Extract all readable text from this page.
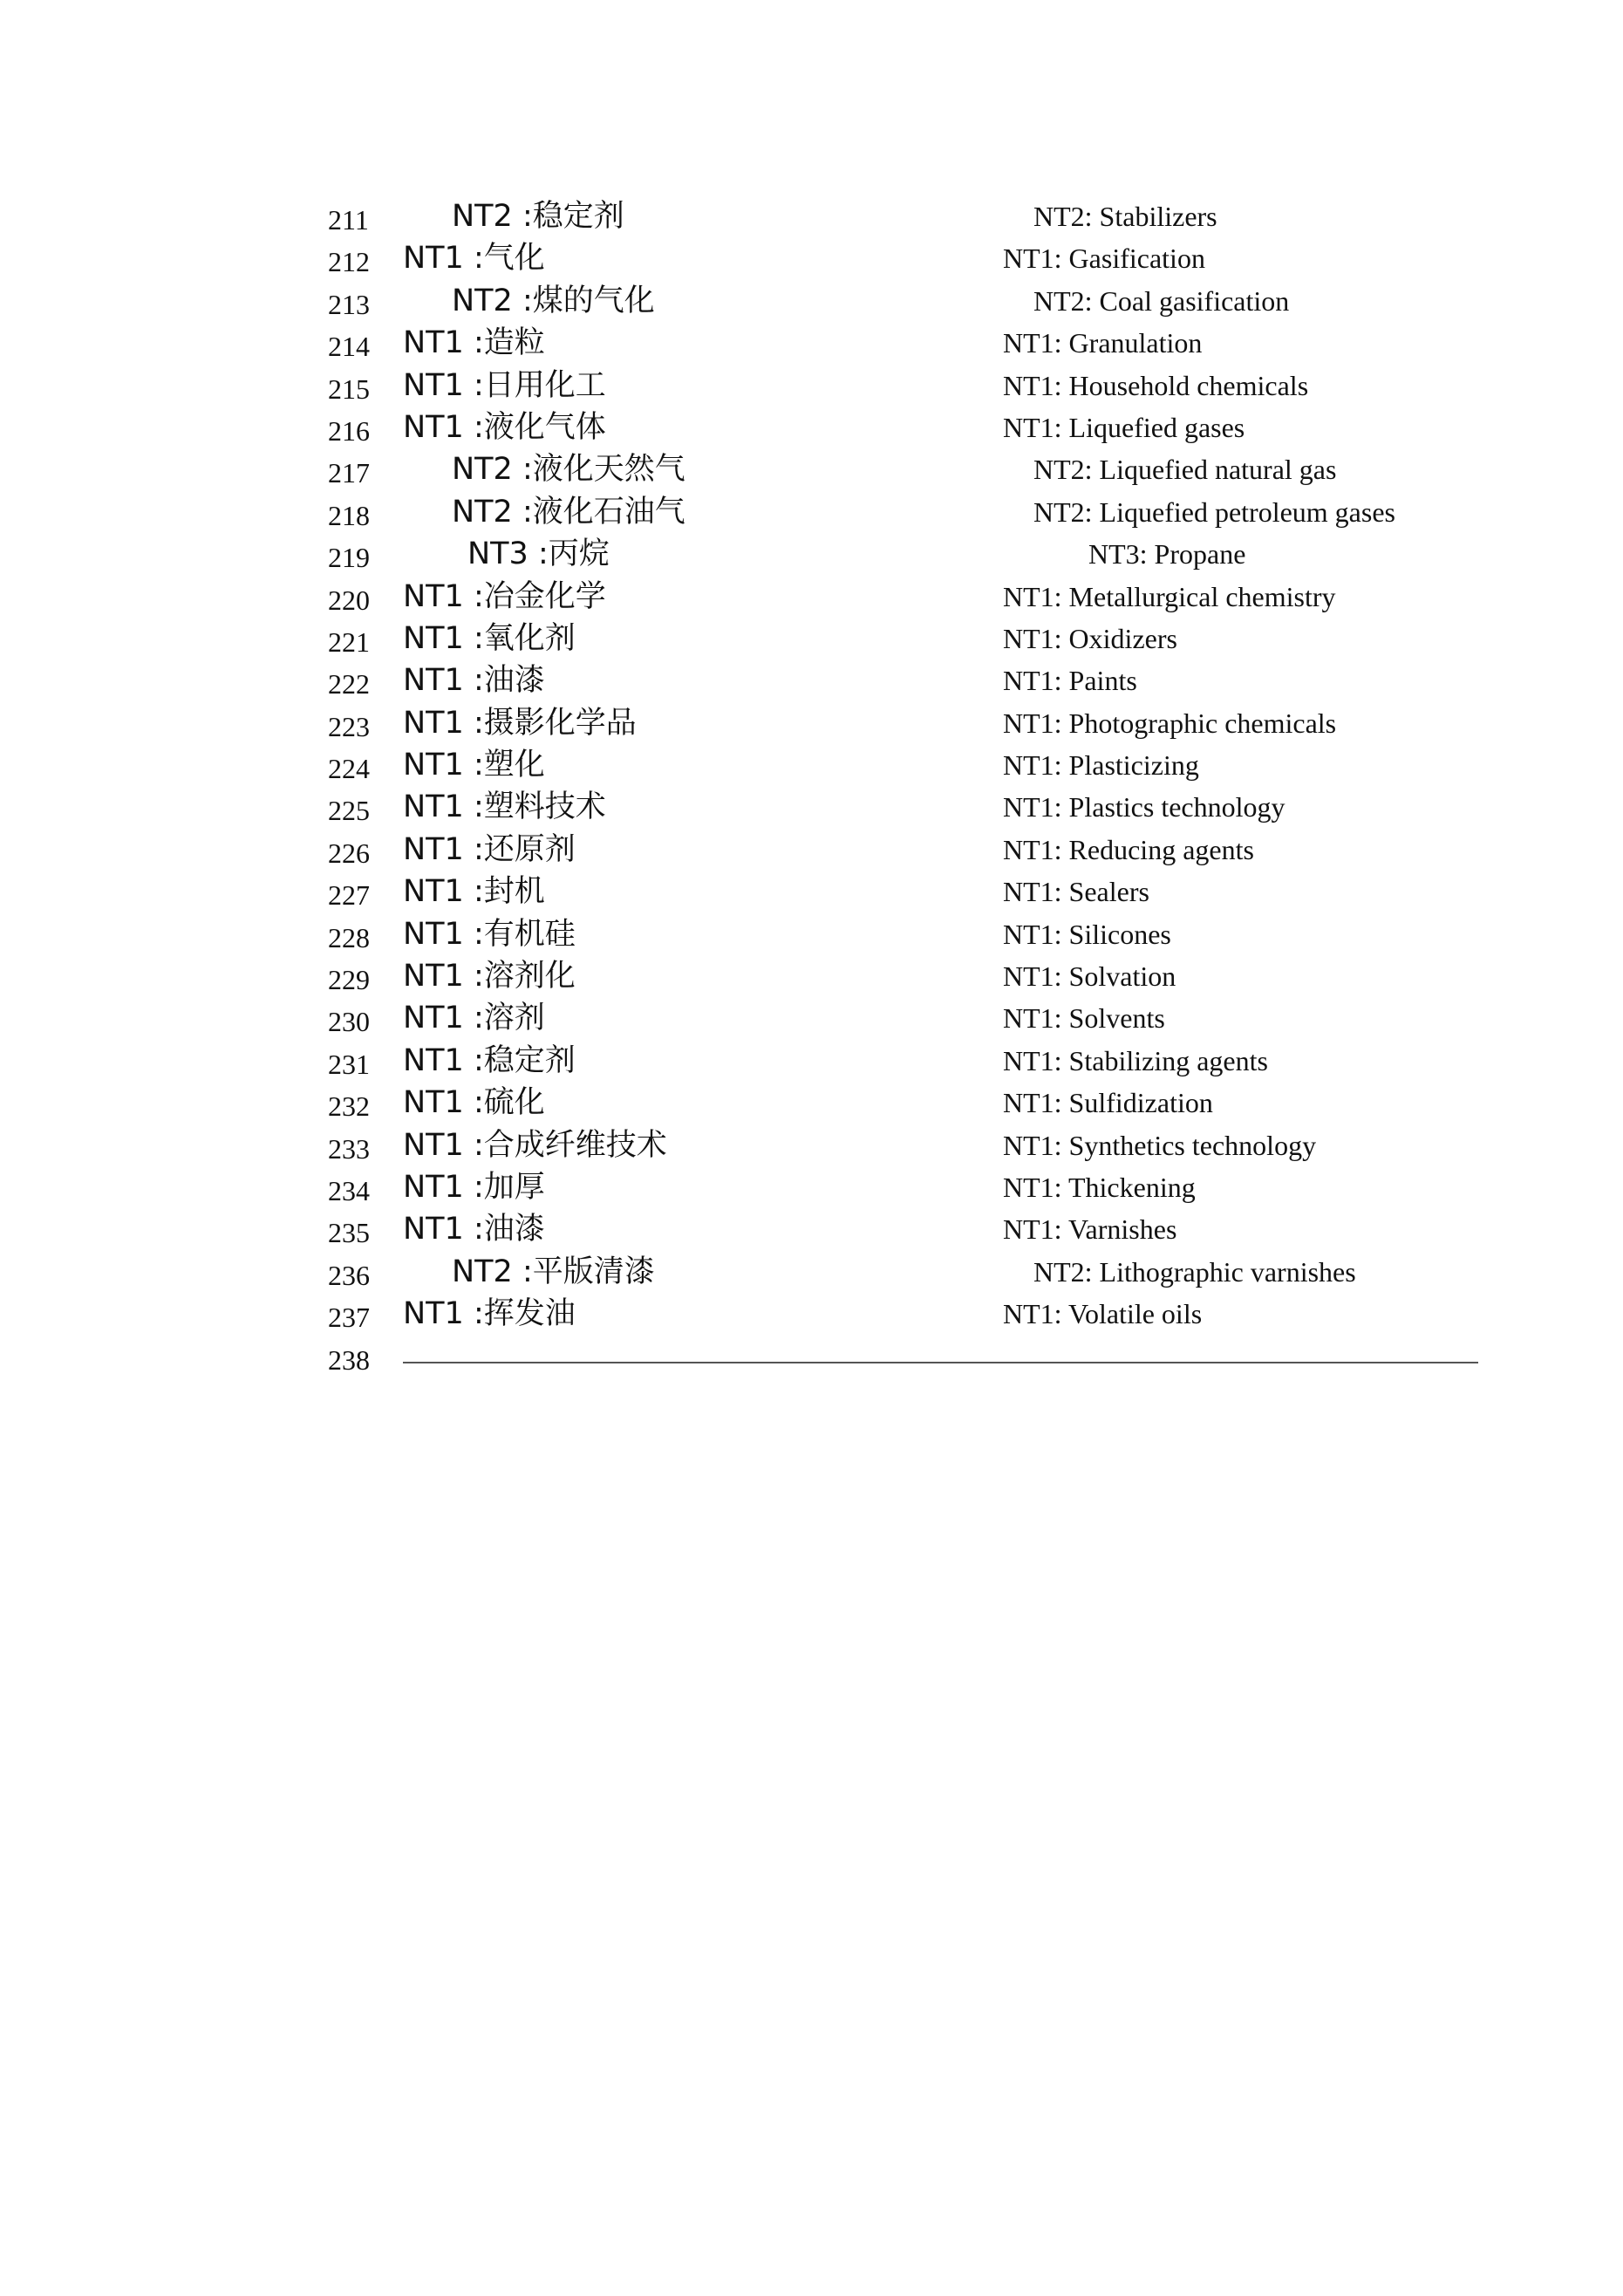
211	NT2 :稳定剂	NT2: Stabilizers
212 NT1 :气化	NT1: Gasification
213	NT2 :煤的气化	NT2: Coal gasification
214 NT1 :造粒	NT1: Granulation
215 NT1 :日用化工	NT1: Household chemicals
216 NT1 :液化气体	NT1: Liquefied gases
217	NT2 :液化天然气	NT2: Liquefied natural gas
218	NT2 :液化石油气	NT2: Liquefied petroleum gases
219	NT3 :丙烷	NT3: Propane
220 NT1 :冶金化学	NT1: Metallurgical chemistry
221 NT1 :氧化剂	NT1: Oxidizers
222 NT1 :油漆	NT1: Paints
223 NT1 :摄影化学品	NT1: Photographic chemicals
224 NT1 :塑化	NT1: Plasticizing
225 NT1 :塑料技术	NT1: Plastics technology
226 NT1 :还原剂	NT1: Reducing agents
227 NT1 :封机	NT1: Sealers
228 NT1 :有机硅	NT1: Silicones
229 NT1 :溶剂化	NT1: Solvation
230 NT1 :溶剂	NT1: Solvents
231 NT1 :稳定剂	NT1: Stabilizing agents
232 NT1 :硫化	NT1: Sulfidization
233 NT1 :合成纤维技术	NT1: Synthetics technology
234 NT1 :加厚	NT1: Thickening
235 NT1 :油漆	NT1: Varnishes
236	NT2 :平版清漆	NT2: Lithographic varnishes
237 NT1 :挥发油	NT1: Volatile oils
238
